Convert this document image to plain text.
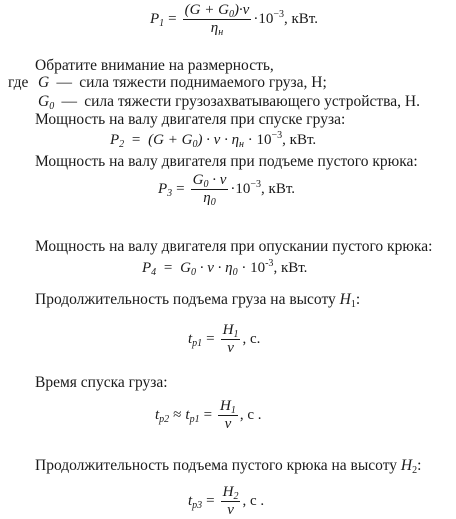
$P_1 = \frac{(G + G_0)\cdot v}{\eta_н} \cdot 10^{-3}$, кВт.
Обратите внимание на размерность,
где G — сила тяжести поднимаемого груза, Н;
$G_0$ — сила тяжести грузозахватывающего устройства, Н.
Мощность на валу двигателя при спуске груза:
$P_2 = (G + G_0) \cdot v \cdot \eta_н \cdot 10^{-3}$, кВт.
Мощность на валу двигателя при подъеме пустого крюка:
$P_3 = \frac{G_0 \cdot v}{\eta_0} \cdot 10^{-3}$, кВт.
Мощность на валу двигателя при опускании пустого крюка:
$P_4 = G_0 \cdot v \cdot \eta_0 \cdot 10^{-3}$, кВт.
Продолжительность подъема груза на высоту $H_1$:
$t_{p1} = \frac{H_1}{v}$ , c.
Время спуска груза:
$t_{p2} \approx t_{p1} = \frac{H_1}{v}$ , c .
Продолжительность подъема пустого крюка на высоту $H_2$:
$t_{p3} = \frac{H_2}{v}$ , c .
